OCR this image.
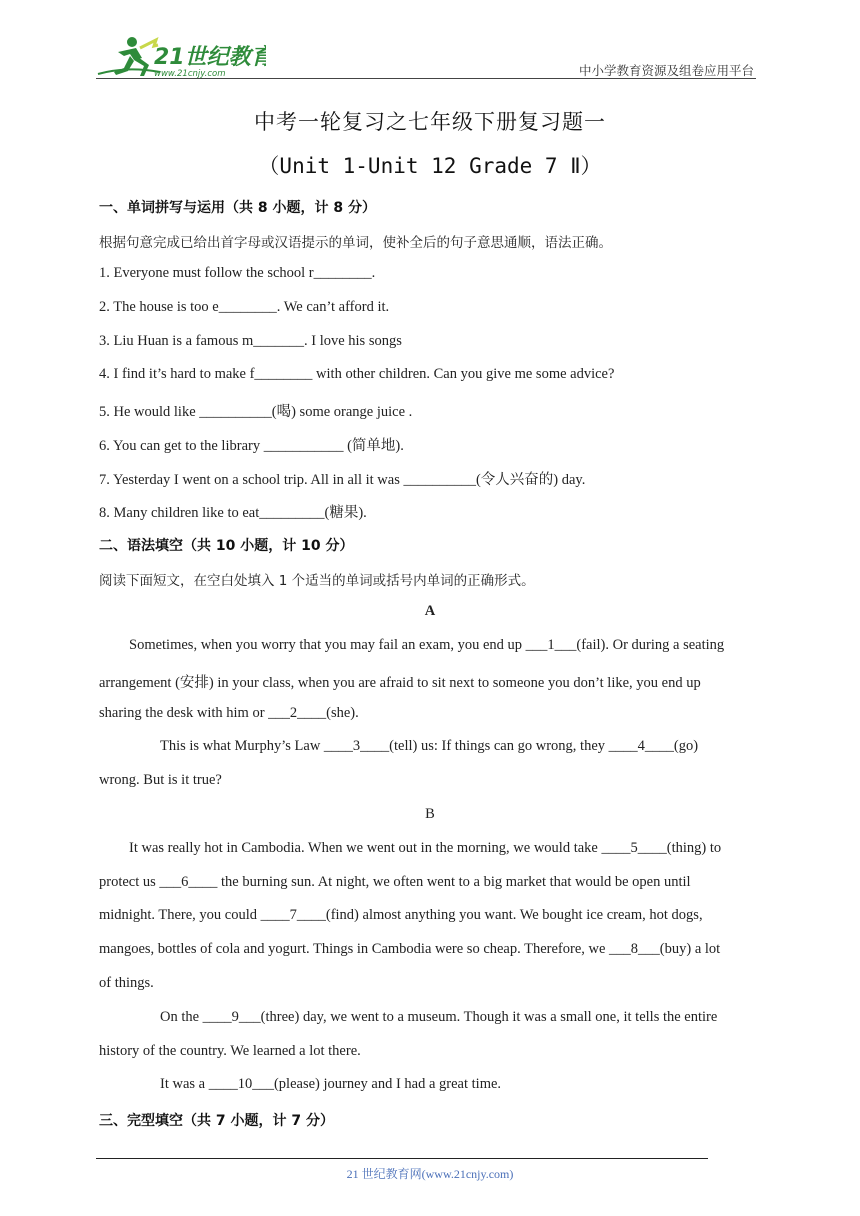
21世纪教育
www.21cnjy.com	中小学教育资源及组卷应用平台
中考一轮复习之七年级下册复习题一
（Unit 1-Unit 12 Grade 7 Ⅱ）
一、单词拼写与运用（共 8 小题，计 8 分）
根据句意完成已给出首字母或汉语提示的单词，使补全后的句子意思通顺，语法正确。
1. Everyone must follow the school r________.
2. The house is too e________. We can’t afford it.
3. Liu Huan is a famous m_______. I love his songs
4. I find it’s hard to make f________ with other children. Can you give me some advice?
5. He would like __________(喝) some orange juice .
6. You can get to the library ___________ (简单地).
7. Yesterday I went on a school trip. All in all it was __________(令人兴奋的) day.
8. Many children like to eat_________(糖果).
二、语法填空（共 10 小题，计 10 分）
阅读下面短文，在空白处填入 1 个适当的单词或括号内单词的正确形式。
A
Sometimes, when you worry that you may fail an exam, you end up ___1___(fail). Or during a seating
arrangement (安排) in your class, when you are afraid to sit next to someone you don’t like, you end up
sharing the desk with him or ___2____(she).
This is what Murphy’s Law ____3____(tell) us: If things can go wrong, they ____4____(go)
wrong. But is it true?
B
It was really hot in Cambodia. When we went out in the morning, we would take ____5____(thing) to
protect us ___6____ the burning sun. At night, we often went to a big market that would be open until
midnight. There, you could ____7____(find) almost anything you want. We bought ice cream, hot dogs,
mangoes, bottles of cola and yogurt. Things in Cambodia were so cheap. Therefore, we ___8___(buy) a lot
of things.
On the ____9___(three) day, we went to a museum. Though it was a small one, it tells the entire
history of the country. We learned a lot there.
It was a ____10___(please) journey and I had a great time.
三、完型填空（共 7 小题，计 7 分）
21 世纪教育网(www.21cnjy.com)
